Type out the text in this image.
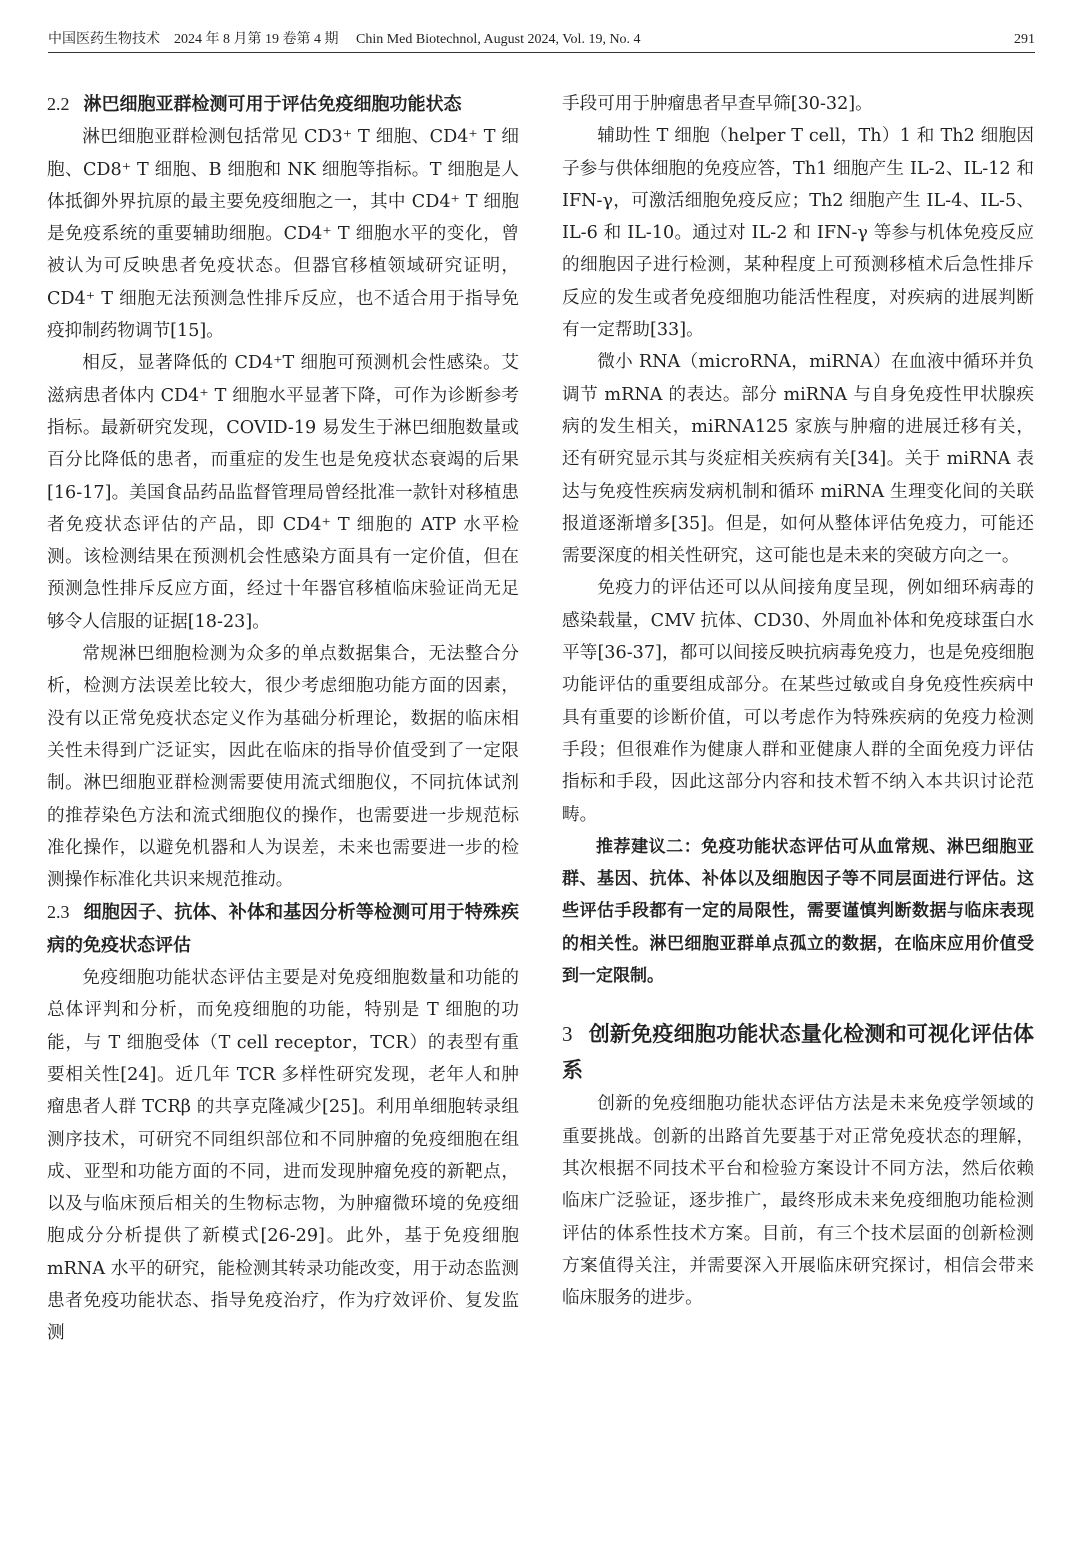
中国医药生物技术　2024 年 8 月第 19 卷第 4 期　 Chin Med Biotechnol, August 2024, Vol. 19, No. 4	291
2.2 淋巴细胞亚群检测可用于评估免疫细胞功能状态

淋巴细胞亚群检测包括常见 CD3⁺ T 细胞、CD4⁺ T 细胞、CD8⁺ T 细胞、B 细胞和 NK 细胞等指标。T 细胞是人体抵御外界抗原的最主要免疫细胞之一，其中 CD4⁺ T 细胞是免疫系统的重要辅助细胞。CD4⁺ T 细胞水平的变化，曾被认为可反映患者免疫状态。但器官移植领域研究证明，CD4⁺ T 细胞无法预测急性排斥反应，也不适合用于指导免疫抑制药物调节[15]。

相反，显著降低的 CD4⁺T 细胞可预测机会性感染。艾滋病患者体内 CD4⁺ T 细胞水平显著下降，可作为诊断参考指标。最新研究发现，COVID-19 易发生于淋巴细胞数量或百分比降低的患者，而重症的发生也是免疫状态衰竭的后果[16-17]。美国食品药品监督管理局曾经批准一款针对移植患者免疫状态评估的产品，即 CD4⁺ T 细胞的 ATP 水平检测。该检测结果在预测机会性感染方面具有一定价值，但在预测急性排斥反应方面，经过十年器官移植临床验证尚无足够令人信服的证据[18-23]。

常规淋巴细胞检测为众多的单点数据集合，无法整合分析，检测方法误差比较大，很少考虑细胞功能方面的因素，没有以正常免疫状态定义作为基础分析理论，数据的临床相关性未得到广泛证实，因此在临床的指导价值受到了一定限制。淋巴细胞亚群检测需要使用流式细胞仪，不同抗体试剂的推荐染色方法和流式细胞仪的操作，也需要进一步规范标准化操作，以避免机器和人为误差，未来也需要进一步的检测操作标准化共识来规范推动。

2.3 细胞因子、抗体、补体和基因分析等检测可用于特殊疾病的免疫状态评估

免疫细胞功能状态评估主要是对免疫细胞数量和功能的总体评判和分析，而免疫细胞的功能，特别是 T 细胞的功能，与 T 细胞受体（T cell receptor，TCR）的表型有重要相关性[24]。近几年 TCR 多样性研究发现，老年人和肿瘤患者人群 TCRβ 的共享克隆减少[25]。利用单细胞转录组测序技术，可研究不同组织部位和不同肿瘤的免疫细胞在组成、亚型和功能方面的不同，进而发现肿瘤免疫的新靶点，以及与临床预后相关的生物标志物，为肿瘤微环境的免疫细胞成分分析提供了新模式[26-29]。此外，基于免疫细胞 mRNA 水平的研究，能检测其转录功能改变，用于动态监测患者免疫功能状态、指导免疫治疗，作为疗效评价、复发监测

手段可用于肿瘤患者早查早筛[30-32]。

辅助性 T 细胞（helper T cell，Th）1 和 Th2 细胞因子参与供体细胞的免疫应答，Th1 细胞产生 IL-2、IL-12 和 IFN-γ，可激活细胞免疫反应；Th2 细胞产生 IL-4、IL-5、IL-6 和 IL-10。通过对 IL-2 和 IFN-γ 等参与机体免疫反应的细胞因子进行检测，某种程度上可预测移植术后急性排斥反应的发生或者免疫细胞功能活性程度，对疾病的进展判断有一定帮助[33]。

微小 RNA（microRNA，miRNA）在血液中循环并负调节 mRNA 的表达。部分 miRNA 与自身免疫性甲状腺疾病的发生相关，miRNA125 家族与肿瘤的进展迁移有关，还有研究显示其与炎症相关疾病有关[34]。关于 miRNA 表达与免疫性疾病发病机制和循环 miRNA 生理变化间的关联报道逐渐增多[35]。但是，如何从整体评估免疫力，可能还需要深度的相关性研究，这可能也是未来的突破方向之一。

免疫力的评估还可以从间接角度呈现，例如细环病毒的感染载量，CMV 抗体、CD30、外周血补体和免疫球蛋白水平等[36-37]，都可以间接反映抗病毒免疫力，也是免疫细胞功能评估的重要组成部分。在某些过敏或自身免疫性疾病中具有重要的诊断价值，可以考虑作为特殊疾病的免疫力检测手段；但很难作为健康人群和亚健康人群的全面免疫力评估指标和手段，因此这部分内容和技术暂不纳入本共识讨论范畴。

推荐建议二：免疫功能状态评估可从血常规、淋巴细胞亚群、基因、抗体、补体以及细胞因子等不同层面进行评估。这些评估手段都有一定的局限性，需要谨慎判断数据与临床表现的相关性。淋巴细胞亚群单点孤立的数据，在临床应用价值受到一定限制。

3 创新免疫细胞功能状态量化检测和可视化评估体系

创新的免疫细胞功能状态评估方法是未来免疫学领域的重要挑战。创新的出路首先要基于对正常免疫状态的理解，其次根据不同技术平台和检验方案设计不同方法，然后依赖临床广泛验证，逐步推广，最终形成未来免疫细胞功能检测评估的体系性技术方案。目前，有三个技术层面的创新检测方案值得关注，并需要深入开展临床研究探讨，相信会带来临床服务的进步。
